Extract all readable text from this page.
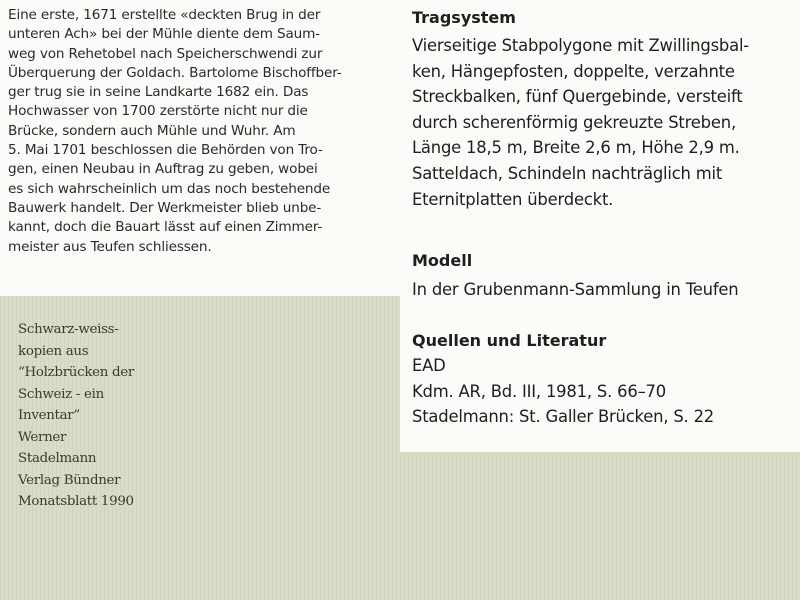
Eine erste, 1671 erstellte «deckten Brug in der
unteren Ach» bei der Mühle diente dem Saum-
weg von Rehetobel nach Speicherschwendi zur
Überquerung der Goldach. Bartolome Bischoffber-
ger trug sie in seine Landkarte 1682 ein. Das
Hochwasser von 1700 zerstörte nicht nur die
Brücke, sondern auch Mühle und Wuhr. Am
5. Mai 1701 beschlossen die Behörden von Tro-
gen, einen Neubau in Auftrag zu geben, wobei
es sich wahrscheinlich um das noch bestehende
Bauwerk handelt. Der Werkmeister blieb unbe-
kannt, doch die Bauart lässt auf einen Zimmer-
meister aus Teufen schliessen.

Tragsystem

Vierseitige Stabpolygone mit Zwillingsbal-
ken, Hängepfosten, doppelte, verzahnte
Streckbalken, fünf Quergebinde, versteift
durch scherenförmig gekreuzte Streben,
Länge 18,5 m, Breite 2,6 m, Höhe 2,9 m.
Satteldach, Schindeln nachträglich mit
Eternitplatten überdeckt.

Modell

In der Grubenmann-Sammlung in Teufen

Quellen und Literatur

EAD
Kdm. AR, Bd. III, 1981, S. 66–70
Stadelmann: St. Galler Brücken, S. 22

Schwarz-weiss-
kopien aus
“Holzbrücken der
Schweiz - ein
Inventar”
Werner
Stadelmann
Verlag Bündner
Monatsblatt 1990
